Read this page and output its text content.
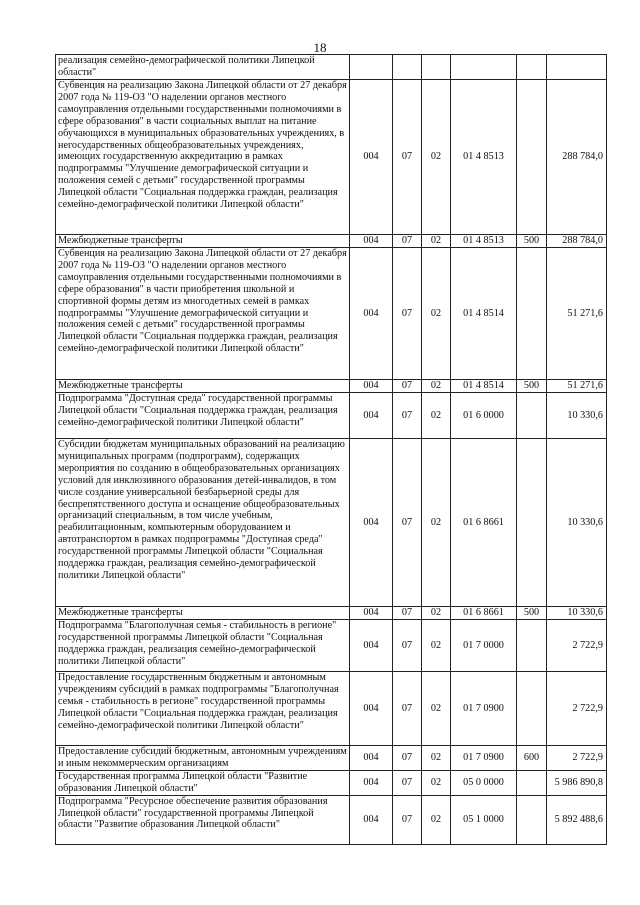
18
реализация семейно-демографической политики Липецкой области"						
Субвенция на реализацию Закона Липецкой области от 27 декабря 2007 года № 119-ОЗ "О наделении органов местного самоуправления отдельными государственными полномочиями в сфере образования" в части социальных выплат на питание обучающихся в муниципальных образовательных учреждениях, в негосударственных общеобразовательных учреждениях, имеющих государственную аккредитацию в рамках подпрограммы "Улучшение демографической ситуации и положения семей с детьми" государственной программы Липецкой области "Социальная поддержка граждан, реализация семейно-демографической политики Липецкой области"	004	07	02	01 4 8513		288 784,0
Межбюджетные трансферты	004	07	02	01 4 8513	500	288 784,0
Субвенция на реализацию Закона Липецкой области от 27 декабря 2007 года № 119-ОЗ "О наделении органов местного самоуправления отдельными государственными полномочиями в сфере образования" в части приобретения школьной и спортивной формы детям из многодетных семей в рамках подпрограммы "Улучшение демографической ситуации и положения семей с детьми" государственной программы Липецкой области "Социальная поддержка граждан, реализация семейно-демографической политики Липецкой области"	004	07	02	01 4 8514		51 271,6
Межбюджетные трансферты	004	07	02	01 4 8514	500	51 271,6
Подпрограмма "Доступная среда" государственной программы Липецкой области "Социальная поддержка граждан, реализация семейно-демографической политики Липецкой области"	004	07	02	01 6 0000		10 330,6
Субсидии бюджетам муниципальных образований на реализацию муниципальных программ (подпрограмм), содержащих мероприятия по созданию в общеобразовательных организациях условий для инклюзивного образования детей-инвалидов, в том числе создание универсальной безбарьерной среды для беспрепятственного доступа и оснащение общеобразовательных организаций специальным, в том числе учебным, реабилитационным, компьютерным оборудованием и автотранспортом в рамках подпрограммы "Доступная среда" государственной программы Липецкой области "Социальная поддержка граждан, реализация семейно-демографической политики Липецкой области"	004	07	02	01 6 8661		10 330,6
Межбюджетные трансферты	004	07	02	01 6 8661	500	10 330,6
Подпрограмма "Благополучная семья - стабильность в регионе" государственной программы Липецкой области "Социальная поддержка граждан, реализация семейно-демографической политики Липецкой области"	004	07	02	01 7 0000		2 722,9
Предоставление государственным бюджетным и автономным учреждениям субсидий в рамках подпрограммы "Благополучная семья - стабильность в регионе" государственной программы Липецкой области "Социальная поддержка граждан, реализация семейно-демографической политики Липецкой области"	004	07	02	01 7 0900		2 722,9
Предоставление субсидий бюджетным, автономным учреждениям и иным некоммерческим организациям	004	07	02	01 7 0900	600	2 722,9
Государственная программа Липецкой области "Развитие образования Липецкой области"	004	07	02	05 0 0000		5 986 890,8
Подпрограмма "Ресурсное обеспечение развития образования Липецкой области" государственной программы Липецкой области "Развитие образования Липецкой области"	004	07	02	05 1 0000		5 892 488,6
